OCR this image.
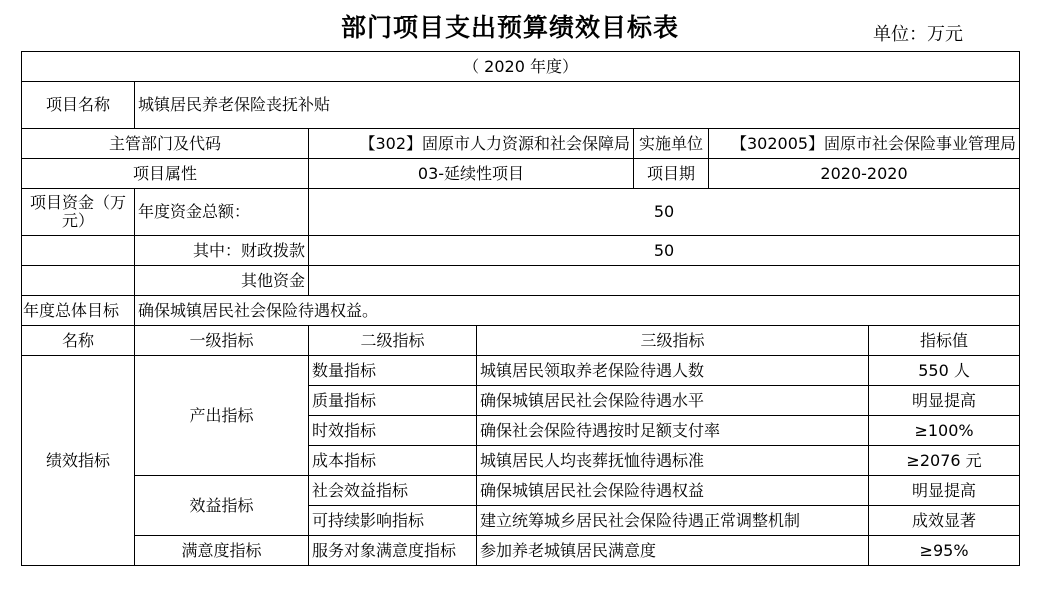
部门项目支出预算绩效目标表	单位：万元
（ 2020 年度）						
项目名称	城镇居民养老保险丧抚补贴					
主管部门及代码		【302】固原市人力资源和社会保障局		实施单位	【302005】固原市社会保险事业管理局	
项目属性		03-延续性项目		项目期	2020-2020	
项目资金（万元）	年度资金总额：	50				
	其中：财政拨款	50				
	其他资金					
年度总体目标	确保城镇居民社会保险待遇权益。					
名称	一级指标	二级指标	三级指标			指标值
绩效指标	产出指标	数量指标	城镇居民领取养老保险待遇人数			550 人
		质量指标	确保城镇居民社会保险待遇水平			明显提高
		时效指标	确保社会保险待遇按时足额支付率			≥100%
		成本指标	城镇居民人均丧葬抚恤待遇标准			≥2076 元
	效益指标	社会效益指标	确保城镇居民社会保险待遇权益			明显提高
		可持续影响指标	建立统筹城乡居民社会保险待遇正常调整机制			成效显著
	满意度指标	服务对象满意度指标	参加养老城镇居民满意度			≥95%
